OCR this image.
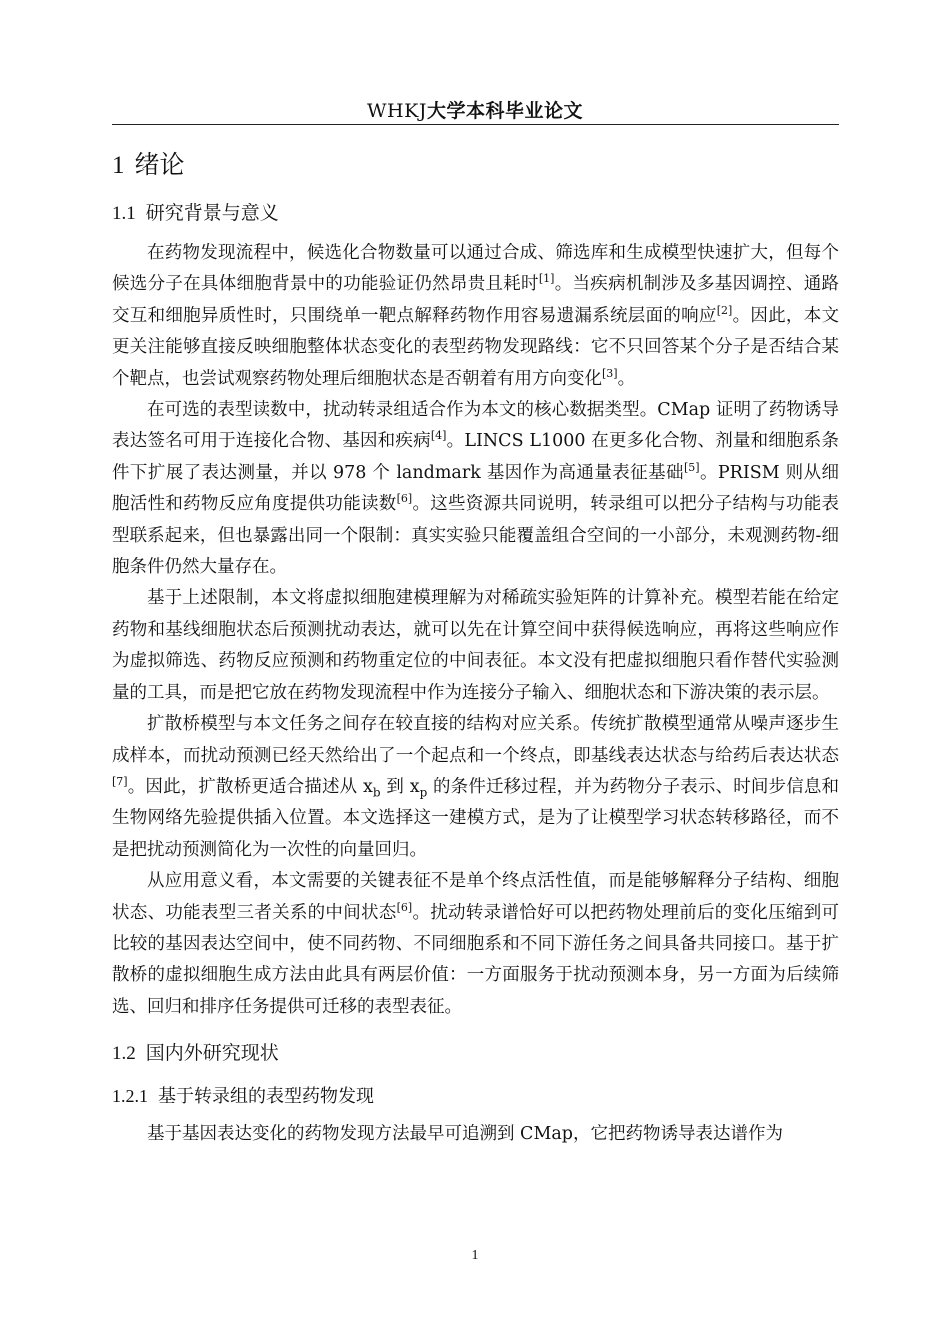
WHKJ大学本科毕业论文
1 绪论
1.1 研究背景与意义

在药物发现流程中，候选化合物数量可以通过合成、筛选库和生成模型快速扩大，但每个候选分子在具体细胞背景中的功能验证仍然昂贵且耗时[1]。当疾病机制涉及多基因调控、通路交互和细胞异质性时，只围绕单一靶点解释药物作用容易遗漏系统层面的响应[2]。因此，本文更关注能够直接反映细胞整体状态变化的表型药物发现路线：它不只回答某个分子是否结合某个靶点，也尝试观察药物处理后细胞状态是否朝着有用方向变化[3]。

在可选的表型读数中，扰动转录组适合作为本文的核心数据类型。CMap 证明了药物诱导表达签名可用于连接化合物、基因和疾病[4]。LINCS L1000 在更多化合物、剂量和细胞系条件下扩展了表达测量，并以 978 个 landmark 基因作为高通量表征基础[5]。PRISM 则从细胞活性和药物反应角度提供功能读数[6]。这些资源共同说明，转录组可以把分子结构与功能表型联系起来，但也暴露出同一个限制：真实实验只能覆盖组合空间的一小部分，未观测药物-细胞条件仍然大量存在。

基于上述限制，本文将虚拟细胞建模理解为对稀疏实验矩阵的计算补充。模型若能在给定药物和基线细胞状态后预测扰动表达，就可以先在计算空间中获得候选响应，再将这些响应作为虚拟筛选、药物反应预测和药物重定位的中间表征。本文没有把虚拟细胞只看作替代实验测量的工具，而是把它放在药物发现流程中作为连接分子输入、细胞状态和下游决策的表示层。

扩散桥模型与本文任务之间存在较直接的结构对应关系。传统扩散模型通常从噪声逐步生成样本，而扰动预测已经天然给出了一个起点和一个终点，即基线表达状态与给药后表达状态[7]。因此，扩散桥更适合描述从 $x_b$ 到 $x_p$ 的条件迁移过程，并为药物分子表示、时间步信息和生物网络先验提供插入位置。本文选择这一建模方式，是为了让模型学习状态转移路径，而不是把扰动预测简化为一次性的向量回归。

从应用意义看，本文需要的关键表征不是单个终点活性值，而是能够解释分子结构、细胞状态、功能表型三者关系的中间状态[6]。扰动转录谱恰好可以把药物处理前后的变化压缩到可比较的基因表达空间中，使不同药物、不同细胞系和不同下游任务之间具备共同接口。基于扩散桥的虚拟细胞生成方法由此具有两层价值：一方面服务于扰动预测本身，另一方面为后续筛选、回归和排序任务提供可迁移的表型表征。

1.2 国内外研究现状
1.2.1 基于转录组的表型药物发现

基于基因表达变化的药物发现方法最早可追溯到 CMap，它把药物诱导表达谱作为

1
